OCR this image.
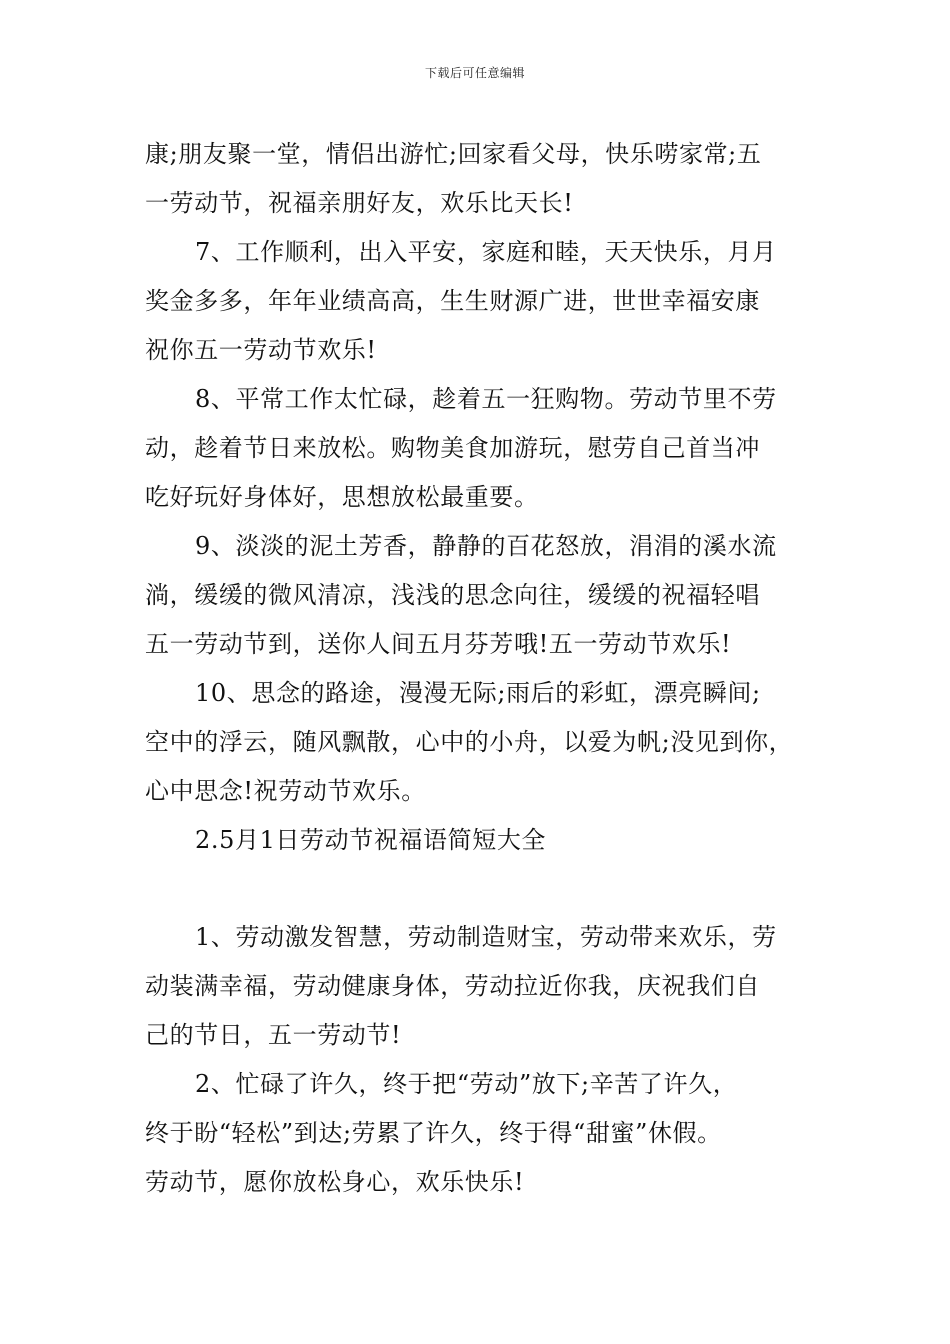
下载后可任意编辑
康;朋友聚一堂，情侣出游忙;回家看父母，快乐唠家常;五
一劳动节，祝福亲朋好友，欢乐比天长!
7、工作顺利，出入平安，家庭和睦，天天快乐，月月
奖金多多，年年业绩高高，生生财源广进，世世幸福安康
祝你五一劳动节欢乐!
8、平常工作太忙碌，趁着五一狂购物。劳动节里不劳
动，趁着节日来放松。购物美食加游玩，慰劳自己首当冲
吃好玩好身体好，思想放松最重要。
9、淡淡的泥土芳香，静静的百花怒放，涓涓的溪水流
淌，缓缓的微风清凉，浅浅的思念向往，缓缓的祝福轻唱
五一劳动节到，送你人间五月芬芳哦!五一劳动节欢乐!
10、思念的路途，漫漫无际;雨后的彩虹，漂亮瞬间;
空中的浮云，随风飘散，心中的小舟，以爱为帆;没见到你，
心中思念!祝劳动节欢乐。
2.5月1日劳动节祝福语简短大全
1、劳动激发智慧，劳动制造财宝，劳动带来欢乐，劳
动装满幸福，劳动健康身体，劳动拉近你我，庆祝我们自
己的节日，五一劳动节!
2、忙碌了许久，终于把“劳动”放下;辛苦了许久，
终于盼“轻松”到达;劳累了许久，终于得“甜蜜”休假。
劳动节，愿你放松身心，欢乐快乐!
